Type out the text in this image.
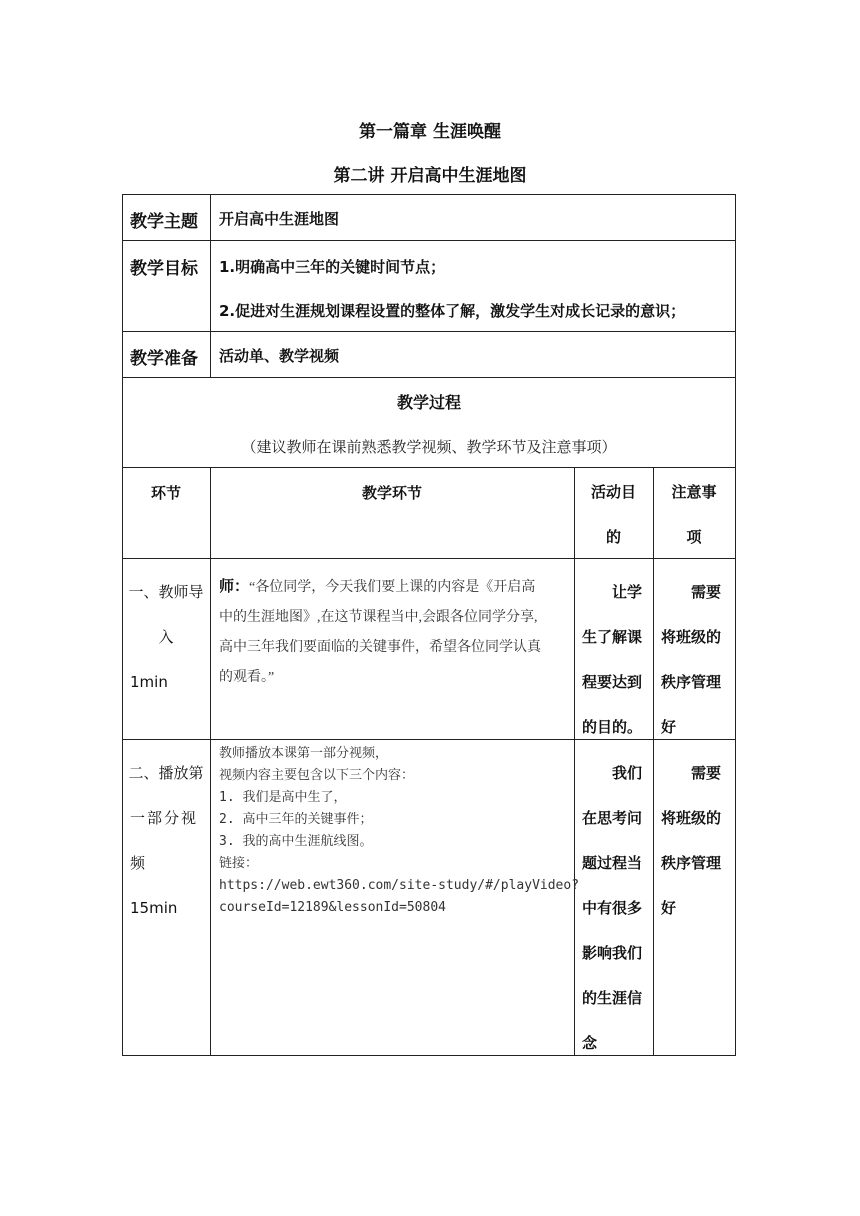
第一篇章 生涯唤醒
第二讲 开启高中生涯地图
教学主题 开启高中生涯地图
教学目标 1.明确高中三年的关键时间节点；
2.促进对生涯规划课程设置的整体了解，激发学生对成长记录的意识；
教学准备 活动单、教学视频
教学过程
（建议教师在课前熟悉教学视频、教学环节及注意事项）
环节	教学环节	活动目
的
注意事
项
一、教师导
入
1min
师：“各位同学，今天我们要上课的内容是《开启高
中的生涯地图》,在这节课程当中,会跟各位同学分享,
高中三年我们要面临的关键事件，希望各位同学认真
的观看。”
让学
生了解课
程要达到
的目的。
需要
将班级的
秩序管理
好
二、播放第
一部分视
频
15min
教师播放本课第一部分视频，
视频内容主要包含以下三个内容：
1. 我们是高中生了，
2. 高中三年的关键事件；
3. 我的高中生涯航线图。
链接：
https://web.ewt360.com/site-study/#/playVideo?
courseId=12189&lessonId=50804
我们
在思考问
题过程当
中有很多
影响我们
的生涯信
念
需要
将班级的
秩序管理
好
